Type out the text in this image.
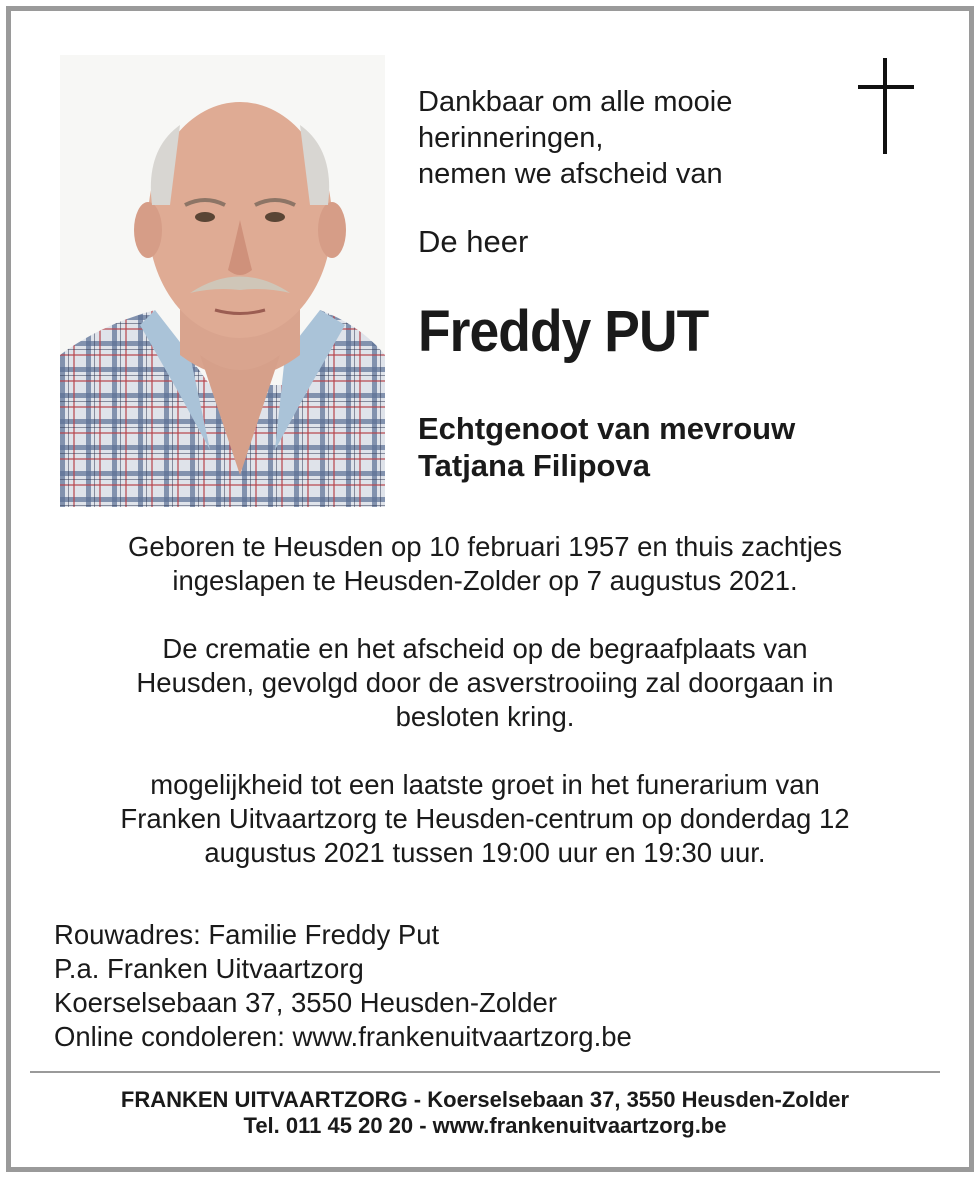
Dankbaar om alle mooie
herinneringen,
nemen we afscheid van
De heer
Freddy PUT
Echtgenoot van mevrouw
Tatjana Filipova

Geboren te Heusden op 10 februari 1957 en thuis zachtjes
ingeslapen te Heusden-Zolder op 7 augustus 2021.

De crematie en het afscheid op de begraafplaats van
Heusden, gevolgd door de asverstrooiing zal doorgaan in
besloten kring.

mogelijkheid tot een laatste groet in het funerarium van
Franken Uitvaartzorg te Heusden-centrum op donderdag 12
augustus 2021 tussen 19:00 uur en 19:30 uur.

Rouwadres: Familie Freddy Put
P.a. Franken Uitvaartzorg
Koerselsebaan 37, 3550 Heusden-Zolder
Online condoleren: www.frankenuitvaartzorg.be
FRANKEN UITVAARTZORG - Koerselsebaan 37, 3550 Heusden-Zolder
Tel. 011 45 20 20 - www.frankenuitvaartzorg.be
